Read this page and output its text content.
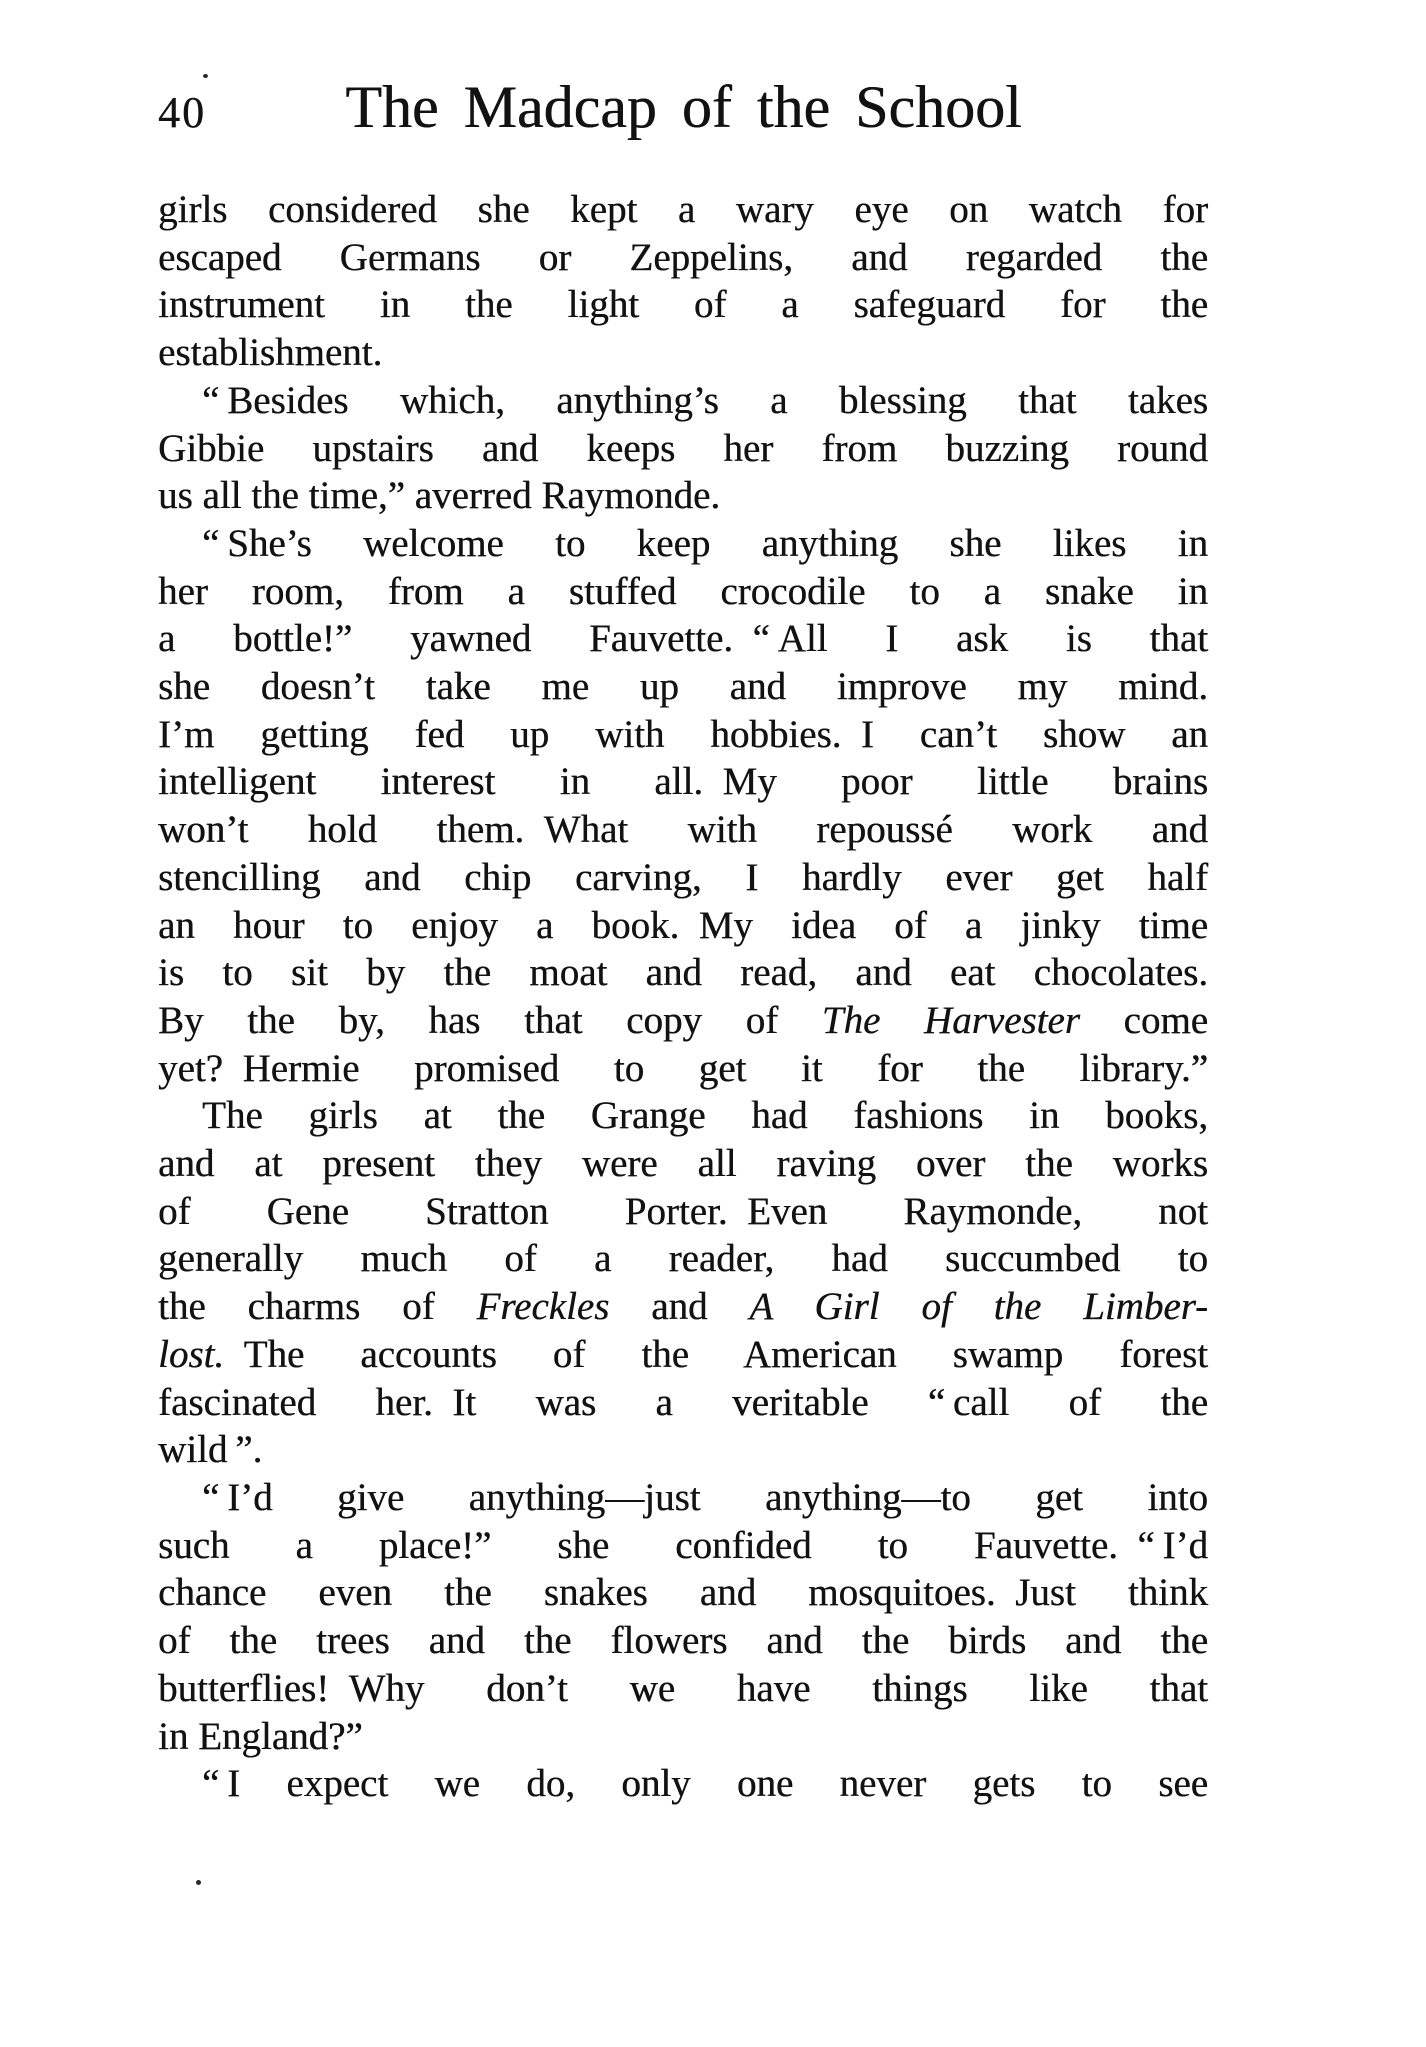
40	The Madcap of the School
girls considered she kept a wary eye on watch for
escaped Germans or Zeppelins, and regarded the
instrument in the light of a safeguard for the
establishment.
“ Besides which, anything’s a blessing that takes
Gibbie upstairs and keeps her from buzzing round
us all the time,” averred Raymonde.
“ She’s welcome to keep anything she likes in
her room, from a stuffed crocodile to a snake in
a bottle!” yawned Fauvette. “ All I ask is that
she doesn’t take me up and improve my mind.
I’m getting fed up with hobbies. I can’t show an
intelligent interest in all. My poor little brains
won’t hold them. What with repoussé work and
stencilling and chip carving, I hardly ever get half
an hour to enjoy a book. My idea of a jinky time
is to sit by the moat and read, and eat chocolates.
By the by, has that copy of The Harvester come
yet? Hermie promised to get it for the library.”
The girls at the Grange had fashions in books,
and at present they were all raving over the works
of Gene Stratton Porter. Even Raymonde, not
generally much of a reader, had succumbed to
the charms of Freckles and A Girl of the Limber-
lost. The accounts of the American swamp forest
fascinated her. It was a veritable “ call of the
wild ”.
“ I’d give anything—just anything—to get into
such a place!” she confided to Fauvette. “ I’d
chance even the snakes and mosquitoes. Just think
of the trees and the flowers and the birds and the
butterflies! Why don’t we have things like that
in England?”
“ I expect we do, only one never gets to see
